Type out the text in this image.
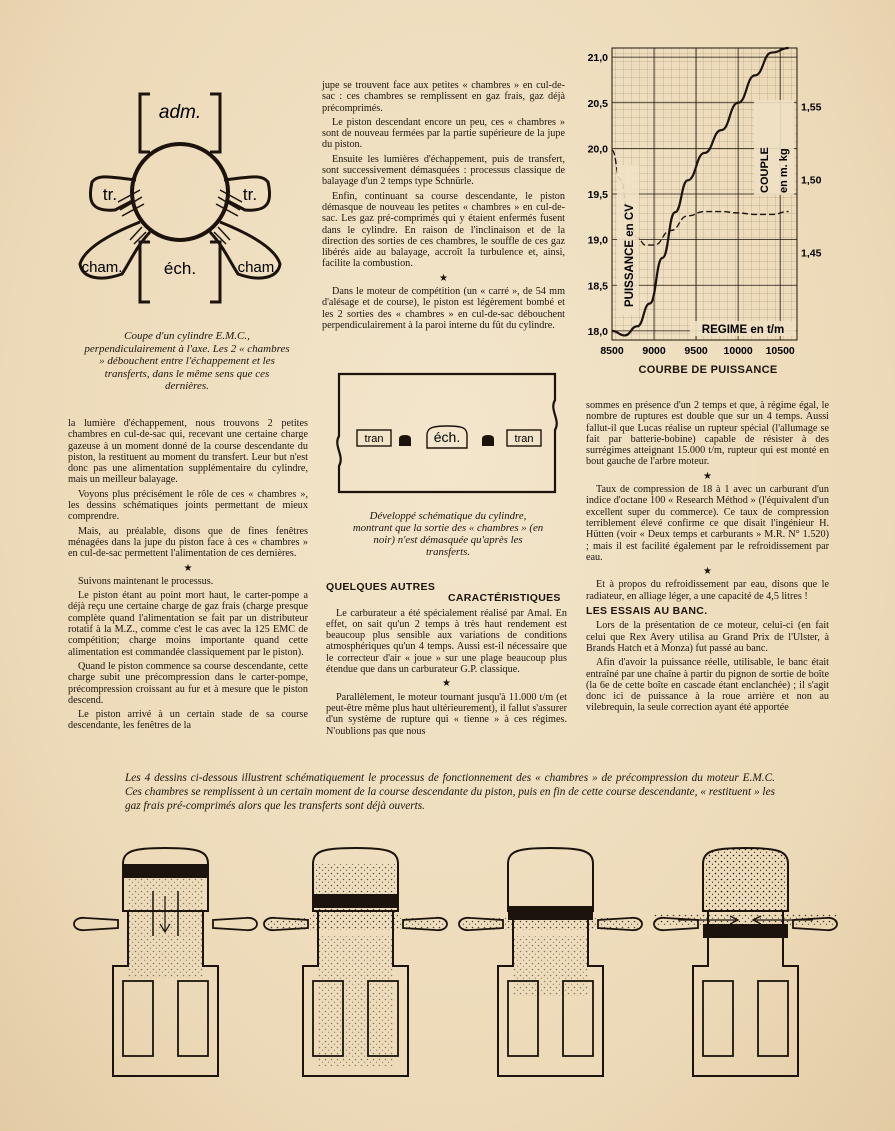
adm.
tr.	tr.
cham.	cham.
éch.
Coupe d'un cylindre E.M.C., perpendiculairement à l'axe. Les 2 « chambres » débouchent entre l'échappement et les transferts, dans le même sens que ces dernières.

la lumière d'échappement, nous trouvons 2 petites chambres en cul-de-sac qui, recevant une certaine charge gazeuse à un moment donné de la course descendante du piston, la restituent au moment du transfert. Leur but n'est donc pas une alimentation supplémentaire du cylindre, mais un meilleur balayage.

Voyons plus précisément le rôle de ces « chambres », les dessins schématiques joints permettant de mieux comprendre.

Mais, au préalable, disons que de fines fenêtres ménagées dans la jupe du piston face à ces « chambres » en cul-de-sac permettent l'alimentation de ces dernières.

★

Suivons maintenant le processus.

Le piston étant au point mort haut, le carter-pompe a déjà reçu une certaine charge de gaz frais (charge presque complète quand l'alimentation se fait par un distributeur rotatif à la M.Z., comme c'est le cas avec la 125 EMC de compétition; charge moins importante quand cette alimentation est commandée classiquement par le piston).

Quand le piston commence sa course descendante, cette charge subit une précompression dans le carter-pompe, précompression croissant au fur et à mesure que le piston descend.

Le piston arrivé à un certain stade de sa course descendante, les fenêtres de la

jupe se trouvent face aux petites « chambres » en cul-de-sac : ces chambres se remplissent en gaz frais, gaz déjà précomprimés.

Le piston descendant encore un peu, ces « chambres » sont de nouveau fermées par la partie supérieure de la jupe du piston.

Ensuite les lumières d'échappement, puis de transfert, sont successivement démasquées : processus classique de balayage d'un 2 temps type Schnürle.

Enfin, continuant sa course descendante, le piston démasque de nouveau les petites « chambres » en cul-de-sac. Les gaz pré-comprimés qui y étaient enfermés fusent dans le cylindre. En raison de l'inclinaison et de la direction des sorties de ces chambres, le souffle de ces gaz libérés aide au balayage, accroît la turbulence et, ainsi, facilite la combustion.

★

Dans le moteur de compétition (un « carré », de 54 mm d'alésage et de course), le piston est légèrement bombé et les 2 sorties des « chambres » en cul-de-sac débouchent perpendiculairement à la paroi interne du fût du cylindre.

tran	éch.	tran
Développé schématique du cylindre, montrant que la sortie des « chambres » (en noir) n'est démasquée qu'après les transferts.
QUELQUES AUTRES
CARACTÉRISTIQUES

Le carburateur a été spécialement réalisé par Amal. En effet, on sait qu'un 2 temps à très haut rendement est beaucoup plus sensible aux variations de conditions atmosphériques qu'un 4 temps. Aussi est-il nécessaire que le correcteur d'air « joue » sur une plage beaucoup plus étendue que dans un carburateur G.P. classique.

★

Parallèlement, le moteur tournant jusqu'à 11.000 t/m (et peut-être même plus haut ultérieurement), il fallut s'assurer d'un système de rupture qui « tienne » à ces régimes. N'oublions pas que nous

18,0
18,5
19,0
19,5
20,0
20,5
21,0
1,45
1,50
1,55
8500 9000 9500 10000 10500
PUISSANCE en CV
COUPLE en m. kg
REGIME en t/m
COURBE DE PUISSANCE

sommes en présence d'un 2 temps et que, à régime égal, le nombre de ruptures est double que sur un 4 temps. Aussi fallut-il que Lucas réalise un rupteur spécial (l'allumage se fait par batterie-bobine) capable de résister à des surrégimes atteignant 15.000 t/m, rupteur qui est monté en bout gauche de l'arbre moteur.

★

Taux de compression de 18 à 1 avec un carburant d'un indice d'octane 100 « Research Méthod » (l'équivalent d'un excellent super du commerce). Ce taux de compression terriblement élevé confirme ce que disait l'ingénieur H. Hütten (voir « Deux temps et carburants » M.R. N° 1.520) ; mais il est facilité également par le refroidissement par eau.

★

Et à propos du refroidissement par eau, disons que le radiateur, en alliage léger, a une capacité de 4,5 litres !

LES ESSAIS AU BANC.

Lors de la présentation de ce moteur, celui-ci (en fait celui que Rex Avery utilisa au Grand Prix de l'Ulster, à Brands Hatch et à Monza) fut passé au banc.

Afin d'avoir la puissance réelle, utilisable, le banc était entraîné par une chaîne à partir du pignon de sortie de boîte (la 6e de cette boîte en cascade étant enclanchée) ; il s'agit donc ici de puissance à la roue arrière et non au vilebrequin, la seule correction ayant été apportée

Les 4 dessins ci-dessous illustrent schématiquement le processus de fonctionnement des « chambres » de précompression du moteur E.M.C. Ces chambres se remplissent à un certain moment de la course descendante du piston, puis en fin de cette course descendante, « restituent » les gaz frais pré-comprimés alors que les transferts sont déjà ouverts.
